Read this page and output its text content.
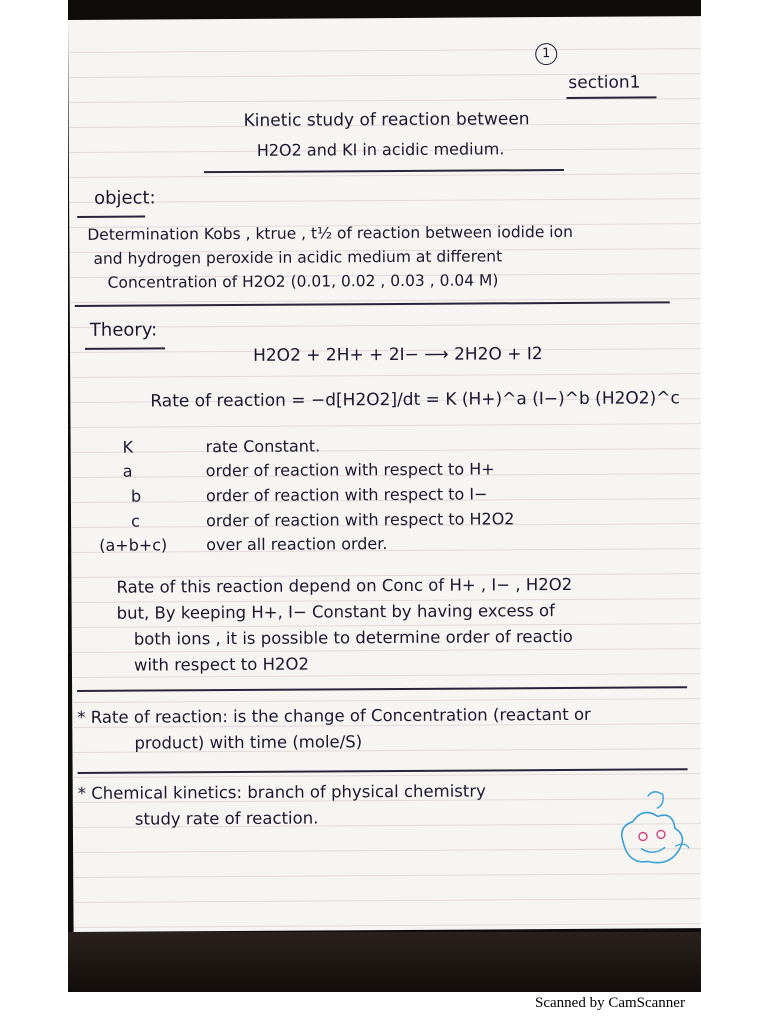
1
section1
Kinetic study of reaction between
H2O2 and KI in acidic medium.
object:
Determination Kobs , ktrue , t½ of reaction between iodide ion
and hydrogen peroxide in acidic medium at different
Concentration of H2O2 (0.01, 0.02 , 0.03 , 0.04 M)
Theory:
H2O2 + 2H+ + 2I− ⟶ 2H2O + I2
Rate of reaction = −d[H2O2]/dt = K (H+)^a (I−)^b (H2O2)^c
K	rate Constant.
a	order of reaction with respect to H+
b	order of reaction with respect to I−
c	order of reaction with respect to H2O2
(a+b+c) over all reaction order.
Rate of this reaction depend on Conc of H+ , I− , H2O2
but, By keeping H+, I− Constant by having excess of
both ions , it is possible to determine order of reactio
with respect to H2O2
* Rate of reaction: is the change of Concentration (reactant or
product) with time (mole/S)
* Chemical kinetics: branch of physical chemistry
study rate of reaction.
Scanned by CamScanner
